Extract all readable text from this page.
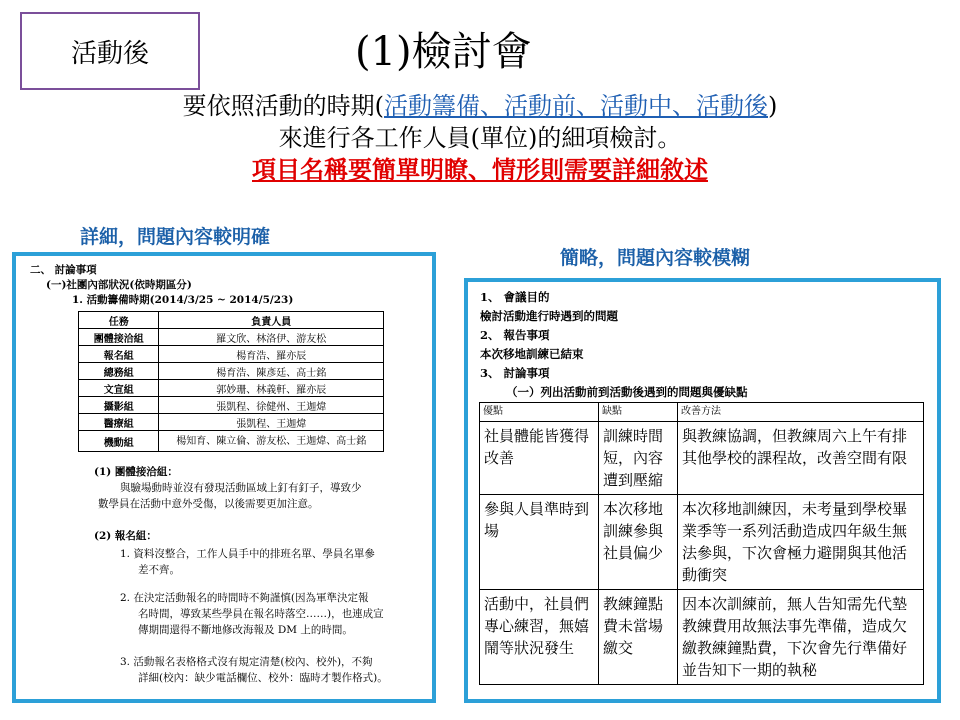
活動後	(1)檢討會
要依照活動的時期(活動籌備、活動前、活動中、活動後)
來進行各工作人員(單位)的細項檢討。
項目名稱要簡單明瞭、情形則需要詳細敘述
詳細，問題內容較明確
簡略，問題內容較模糊
二、 討論事項
(一)社團內部狀況(依時期區分)
1. 活動籌備時期(2014/3/25 ~ 2014/5/23)
任務	負責人員
團體接洽組	羅文欣、林洛伊、游友松
報名組	楊育浩、羅亦辰
總務組	楊育浩、陳彥廷、高士銘
文宣組	郭妙珊、林義軒、羅亦辰
攝影組	張凱程、徐健州、王迦煒
醫療組	張凱程、王迦煒
機動組	楊知育、陳立倫、游友松、王迦煒、高士銘
(1) 團體接洽組：
與驗場動時並沒有發現活動區域上釘有釘子，導致少
數學員在活動中意外受傷，以後需要更加注意。
(2) 報名組：
1. 資料沒整合，工作人員手中的排班名單、學員名單參
差不齊。
2. 在決定活動報名的時間時不夠謹慎(因為軍準決定報
名時間，導致某些學員在報名時落空……)，也連成宣
傳期間還得不斷地修改海報及 DM 上的時間。
3. 活動報名表格格式沒有規定清楚(校內、校外)，不夠
詳細(校內：缺少電話欄位、校外：臨時才製作格式)。
1、 會議目的
檢討活動進行時遇到的問題
2、 報告事項
本次移地訓練已結束
3、 討論事項
（一）列出活動前到活動後遇到的問題與優缺點
優點	缺點	改善方法
社員體能皆獲得改善	訓練時間短，內容遭到壓縮	與教練協調，但教練周六上午有排其他學校的課程故，改善空間有限
參與人員準時到場	本次移地訓練參與社員偏少	本次移地訓練因，未考量到學校畢業季等一系列活動造成四年級生無法參與，下次會極力避開與其他活動衝突
活動中，社員們專心練習，無嬉鬧等狀況發生	教練鐘點費未當場繳交	因本次訓練前，無人告知需先代墊教練費用故無法事先準備，造成欠繳教練鐘點費，下次會先行準備好並告知下一期的執秘
